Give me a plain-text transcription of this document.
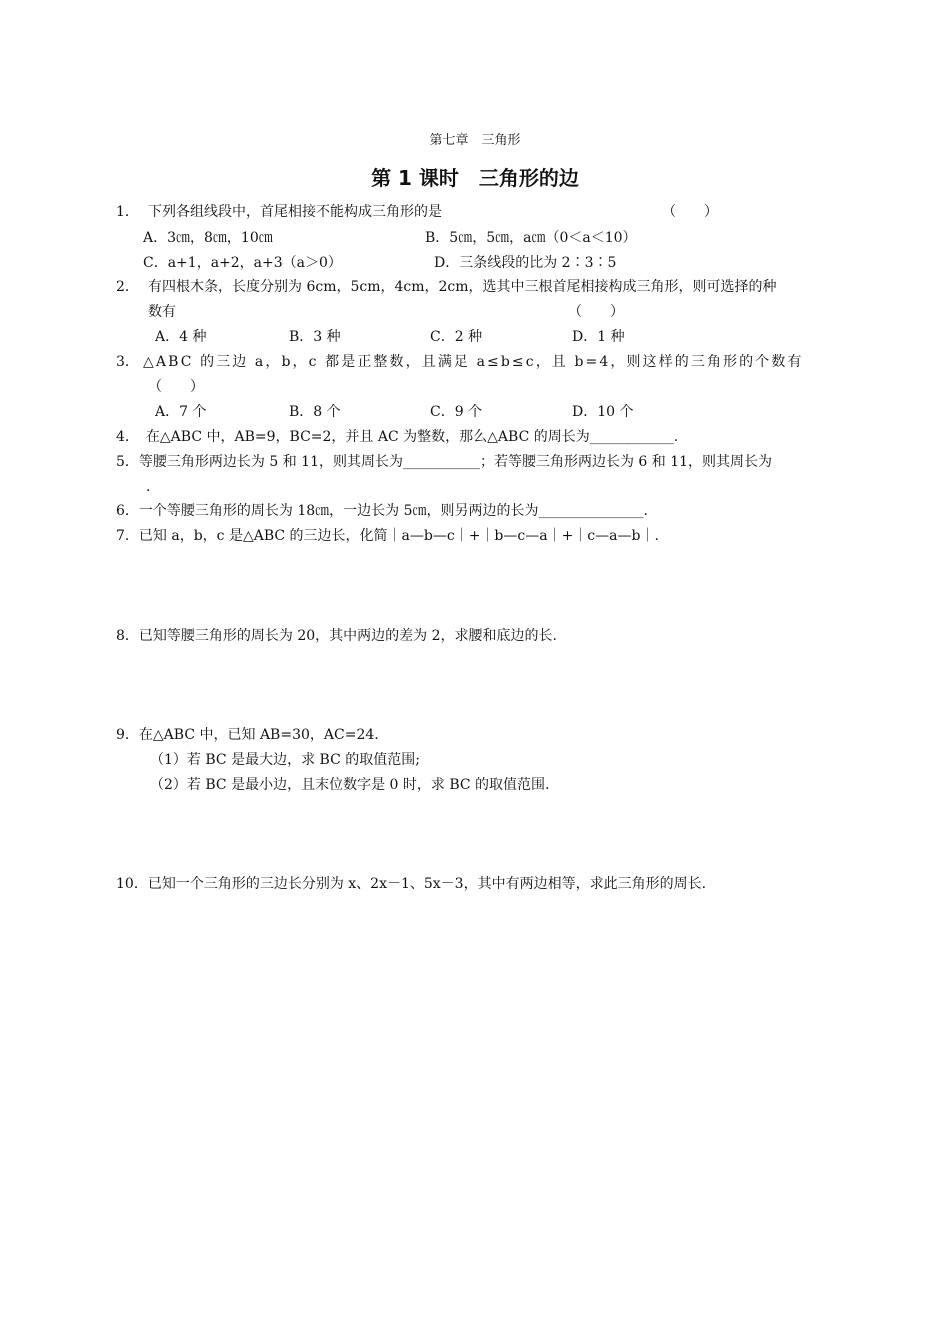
第七章　三角形
第 1 课时　三角形的边
1． 下列各组线段中，首尾相接不能构成三角形的是	（　　）
A．3㎝，8㎝，10㎝	B．5㎝，5㎝，a㎝（0＜a＜10）
C．a+1，a+2，a+3（a＞0）	D．三条线段的比为 2∶3∶5
2． 有四根木条，长度分别为 6cm，5cm，4cm，2cm，选其中三根首尾相接构成三角形，则可选择的种
数有	（　　）
A．4 种	B．3 种	C．2 种	D．1 种
3． △ABC 的三边 a，b，c 都是正整数，且满足 a≤b≤c，且 b=4，则这样的三角形的个数有
（　　）
A．7 个	B．8 个	C．9 个	D．10 个
4．　在△ABC 中，AB=9，BC=2，并且 AC 为整数，那么△ABC 的周长为____________.
5．等腰三角形两边长为 5 和 11，则其周长为___________；若等腰三角形两边长为 6 和 11，则其周长为
.
6．一个等腰三角形的周长为 18㎝，一边长为 5㎝，则另两边的长为_______________.
7．已知 a，b，c 是△ABC 的三边长，化简｜a—b—c｜+｜b—c—a｜+｜c—a—b｜.
8．已知等腰三角形的周长为 20，其中两边的差为 2，求腰和底边的长.
9．在△ABC 中，已知 AB=30，AC=24.
（1）若 BC 是最大边，求 BC 的取值范围;
（2）若 BC 是最小边，且末位数字是 0 时，求 BC 的取值范围.
10．已知一个三角形的三边长分别为 x、2x－1、5x－3，其中有两边相等，求此三角形的周长.
